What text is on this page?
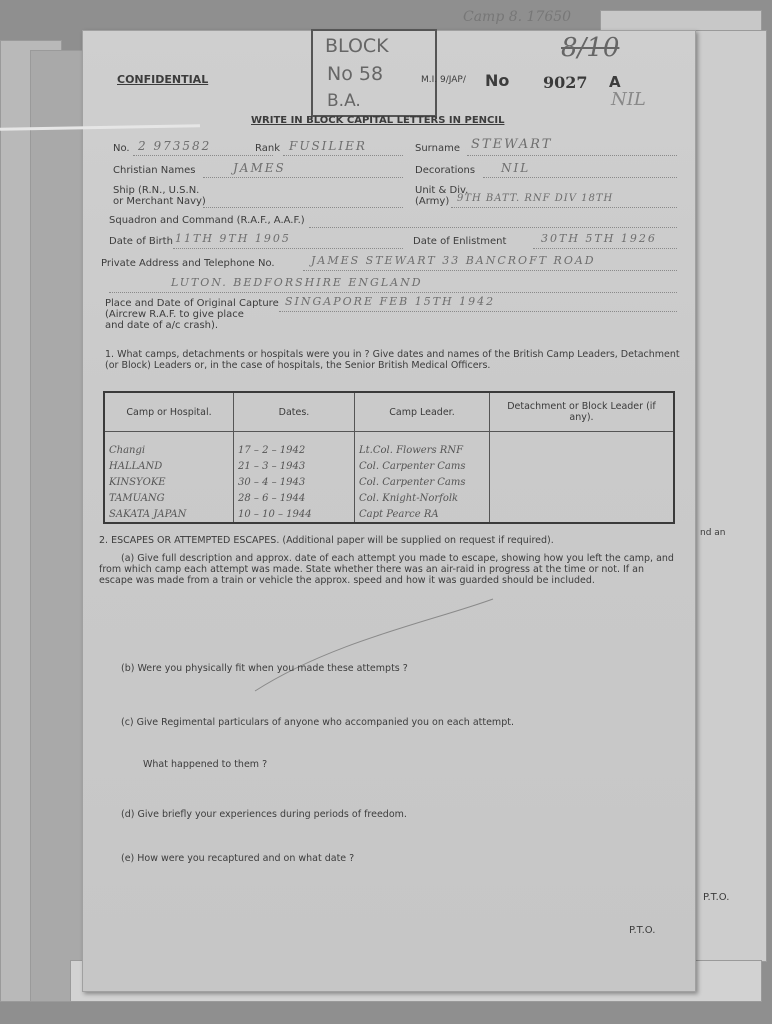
nd an
P.T.O.
Camp 8. 17650
8/10
NIL
CONFIDENTIAL
BLOCK
No 58
B.A.
M.I. 9/JAP/ No 9027 A
WRITE IN BLOCK CAPITAL LETTERS IN PENCIL
No. 2 973582	Rank FUSILIER	Surname STEWART
Christian Names	JAMES	Decorations NIL
Ship (R.N., U.S.N.
or Merchant Navy)
Unit & Div.
(Army) 9TH BATT. RNF DIV 18TH
Squadron and Command (R.A.F., A.A.F.)
Date of Birth 11TH 9TH 1905	Date of Enlistment	30TH 5TH 1926
Private Address and Telephone No.	JAMES STEWART 33 BANCROFT ROAD
LUTON. BEDFORSHIRE ENGLAND
Place and Date of Original Capture
(Aircrew R.A.F. to give place
and date of a/c crash).
SINGAPORE FEB 15TH 1942
1. What camps, detachments or hospitals were you in ? Give dates and names of the British Camp Leaders, Detachment (or Block) Leaders or, in the case of hospitals, the Senior British Medical Officers.
Camp or Hospital.	Dates.	Camp Leader.	Detachment or Block Leader (if any).
Changi	17 – 2 – 1942	Lt.Col. Flowers RNF	
HALLAND	21 – 3 – 1943	Col. Carpenter Cams	
KINSYOKE	30 – 4 – 1943	Col. Carpenter Cams	
TAMUANG	28 – 6 – 1944	Col. Knight-Norfolk	
SAKATA JAPAN	10 – 10 – 1944	Capt Pearce RA	
2. ESCAPES OR ATTEMPTED ESCAPES. (Additional paper will be supplied on request if required).
(a) Give full description and approx. date of each attempt you made to escape, showing how you left the camp, and from which camp each attempt was made. State whether there was an air-raid in progress at the time or not. If an escape was made from a train or vehicle the approx. speed and how it was guarded should be included.
(b) Were you physically fit when you made these attempts ?
(c) Give Regimental particulars of anyone who accompanied you on each attempt.
What happened to them ?
(d) Give briefly your experiences during periods of freedom.
(e) How were you recaptured and on what date ?
P.T.O.
